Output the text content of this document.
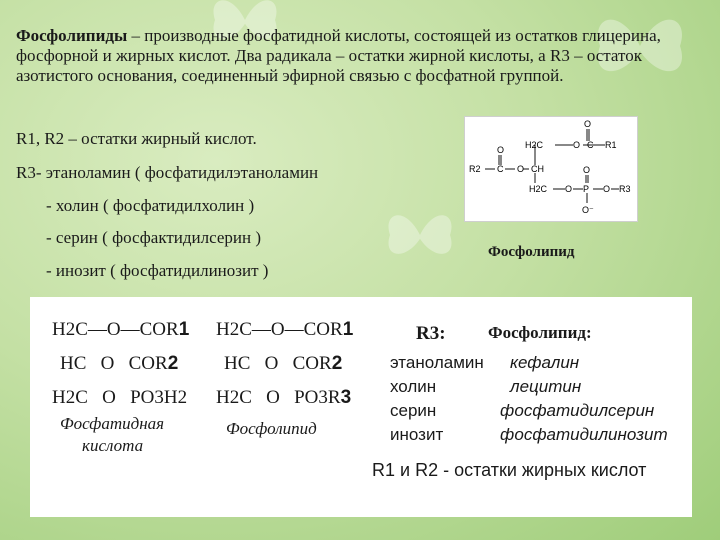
Фосфолипиды – производные фосфатидной кислоты, состоящей из остатков глицерина, фосфорной и жирных кислот. Два радикала – остатки жирной кислоты, а R3 – остаток азотистого основания, соединенный эфирной связью с фосфатной группой.

R1, R2 – остатки жирный кислот.
R3- этаноламин ( фосфатидилэтаноламин
- холин ( фосфатидилхолин )
- серин ( фосфактидилсерин )
- инозит ( фосфатидилинозит )
O
H2C	O C R1
O
R2 C O CH	O
H2C O P O R3
O⁻
Фосфолипид
H2C—O—COR1
HC   O   COR2
H2C   O   PO3H2
Фосфатидная
кислота
H2C—O—COR1
HC   O   COR2
H2C   O   PO3R3
Фосфолипид
R3: Фосфолипид:
этаноламин
холин
серин
инозит
кефалин
лецитин
фосфатидилсерин
фосфатидилинозит
R1 и R2 - остатки жирных кислот
